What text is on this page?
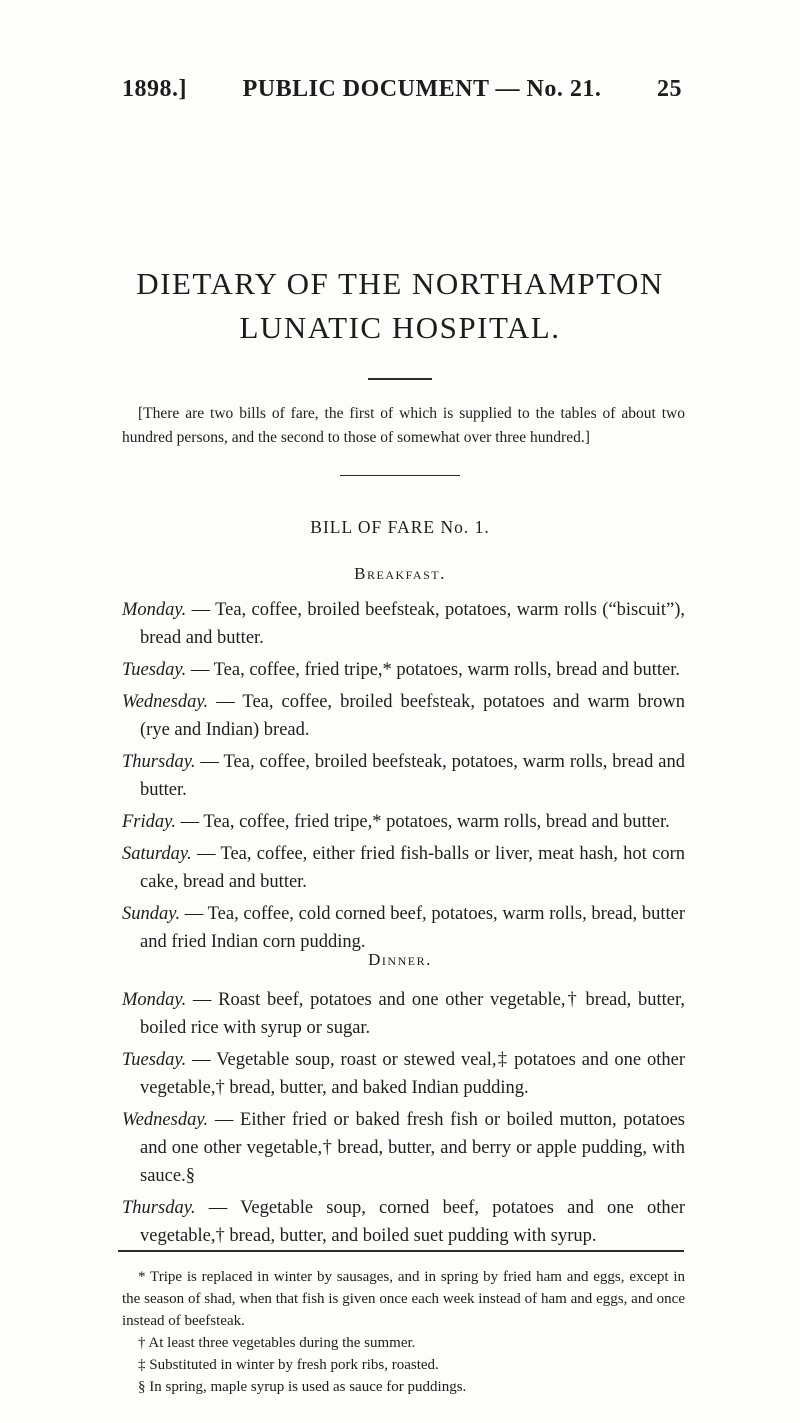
1898.] PUBLIC DOCUMENT — No. 21. 25
DIETARY OF THE NORTHAMPTON
LUNATIC HOSPITAL.
[There are two bills of fare, the first of which is supplied to the tables of about two hundred persons, and the second to those of somewhat over three hundred.]
BILL OF FARE No. 1.
Breakfast.

Monday. — Tea, coffee, broiled beefsteak, potatoes, warm rolls (“biscuit”), bread and butter.

Tuesday. — Tea, coffee, fried tripe,* potatoes, warm rolls, bread and butter.

Wednesday. — Tea, coffee, broiled beefsteak, potatoes and warm brown (rye and Indian) bread.

Thursday. — Tea, coffee, broiled beefsteak, potatoes, warm rolls, bread and butter.

Friday. — Tea, coffee, fried tripe,* potatoes, warm rolls, bread and butter.

Saturday. — Tea, coffee, either fried fish-balls or liver, meat hash, hot corn cake, bread and butter.

Sunday. — Tea, coffee, cold corned beef, potatoes, warm rolls, bread, butter and fried Indian corn pudding.

Dinner.

Monday. — Roast beef, potatoes and one other vegetable,† bread, butter, boiled rice with syrup or sugar.

Tuesday. — Vegetable soup, roast or stewed veal,‡ potatoes and one other vegetable,† bread, butter, and baked Indian pudding.

Wednesday. — Either fried or baked fresh fish or boiled mutton, potatoes and one other vegetable,† bread, butter, and berry or apple pudding, with sauce.§

Thursday. — Vegetable soup, corned beef, potatoes and one other vegetable,† bread, butter, and boiled suet pudding with syrup.

* Tripe is replaced in winter by sausages, and in spring by fried ham and eggs, except in the season of shad, when that fish is given once each week instead of ham and eggs, and once instead of beefsteak.

† At least three vegetables during the summer.

‡ Substituted in winter by fresh pork ribs, roasted.

§ In spring, maple syrup is used as sauce for puddings.
